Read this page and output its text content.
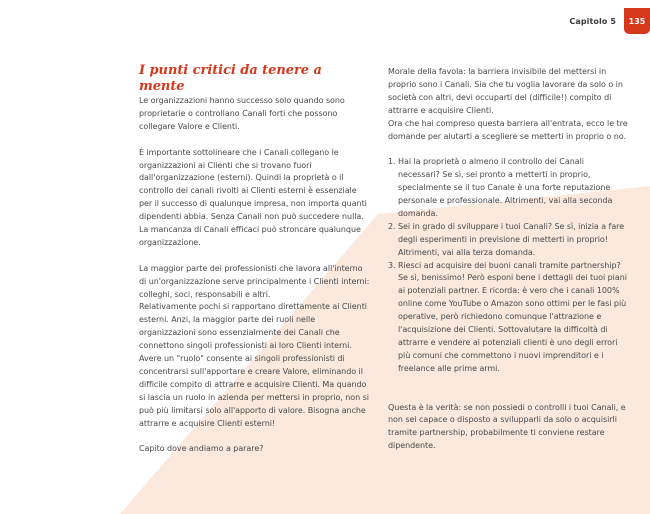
Capitolo 5	135
I punti critici da tenere a mente

Le organizzazioni hanno successo solo quando sono proprietarie o controllano Canali forti che possono collegare Valore e Clienti.

È importante sottolineare che i Canali collegano le organizzazioni ai Clienti che si trovano fuori dall'organizzazione (esterni). Quindi la proprietà o il controllo dei canali rivolti ai Clienti esterni è essenziale per il successo di qualunque impresa, non importa quanti dipendenti abbia. Senza Canali non può succedere nulla. La mancanza di Canali efficaci può stroncare qualunque organizzazione.

La maggior parte dei professionisti che lavora all'interno di un'organizzazione serve principalmente i Clienti interni: colleghi, soci, responsabili e altri.

Relativamente pochi si rapportano direttamente ai Clienti esterni. Anzi, la maggior parte dei ruoli nelle organizzazioni sono essenzialmente dei Canali che connettono singoli professionisti ai loro Clienti interni.

Avere un "ruolo" consente ai singoli professionisti di concentrarsi sull'apportare e creare Valore, eliminando il difficile compito di attrarre e acquisire Clienti. Ma quando si lascia un ruolo in azienda per mettersi in proprio, non si può più limitarsi solo all'apporto di valore. Bisogna anche attrarre e acquisire Clienti esterni!

Capito dove andiamo a parare?

Morale della favola: la barriera invisibile del mettersi in proprio sono i Canali. Sia che tu voglia lavorare da solo o in società con altri, devi occuparti del (difficile!) compito di attrarre e acquisire Clienti.

Ora che hai compreso questa barriera all'entrata, ecco le tre domande per aiutarti a scegliere se metterti in proprio o no.

1. Hai la proprietà o almeno il controllo dei Canali necessari? Se sì, sei pronto a metterti in proprio, specialmente se il tuo Canale è una forte reputazione personale e professionale. Altrimenti, vai alla seconda domanda.
2. Sei in grado di sviluppare i tuoi Canali? Se sì, inizia a fare degli esperimenti in previsione di metterti in proprio! Altrimenti, vai alla terza domanda.
3. Riesci ad acquisire dei buoni canali tramite partnership? Se sì, benissimo! Però esponi bene i dettagli dei tuoi piani ai potenziali partner. E ricorda: è vero che i canali 100% online come YouTube o Amazon sono ottimi per le fasi più operative, però richiedono comunque l'attrazione e l'acquisizione dei Clienti. Sottovalutare la difficoltà di attrarre e vendere ai potenziali clienti è uno degli errori più comuni che commettono i nuovi imprenditori e i freelance alle prime armi.

Questa è la verità: se non possiedi o controlli i tuoi Canali, e non sei capace o disposto a svilupparli da solo o acquisirli tramite partnership, probabilmente ti conviene restare dipendente.
